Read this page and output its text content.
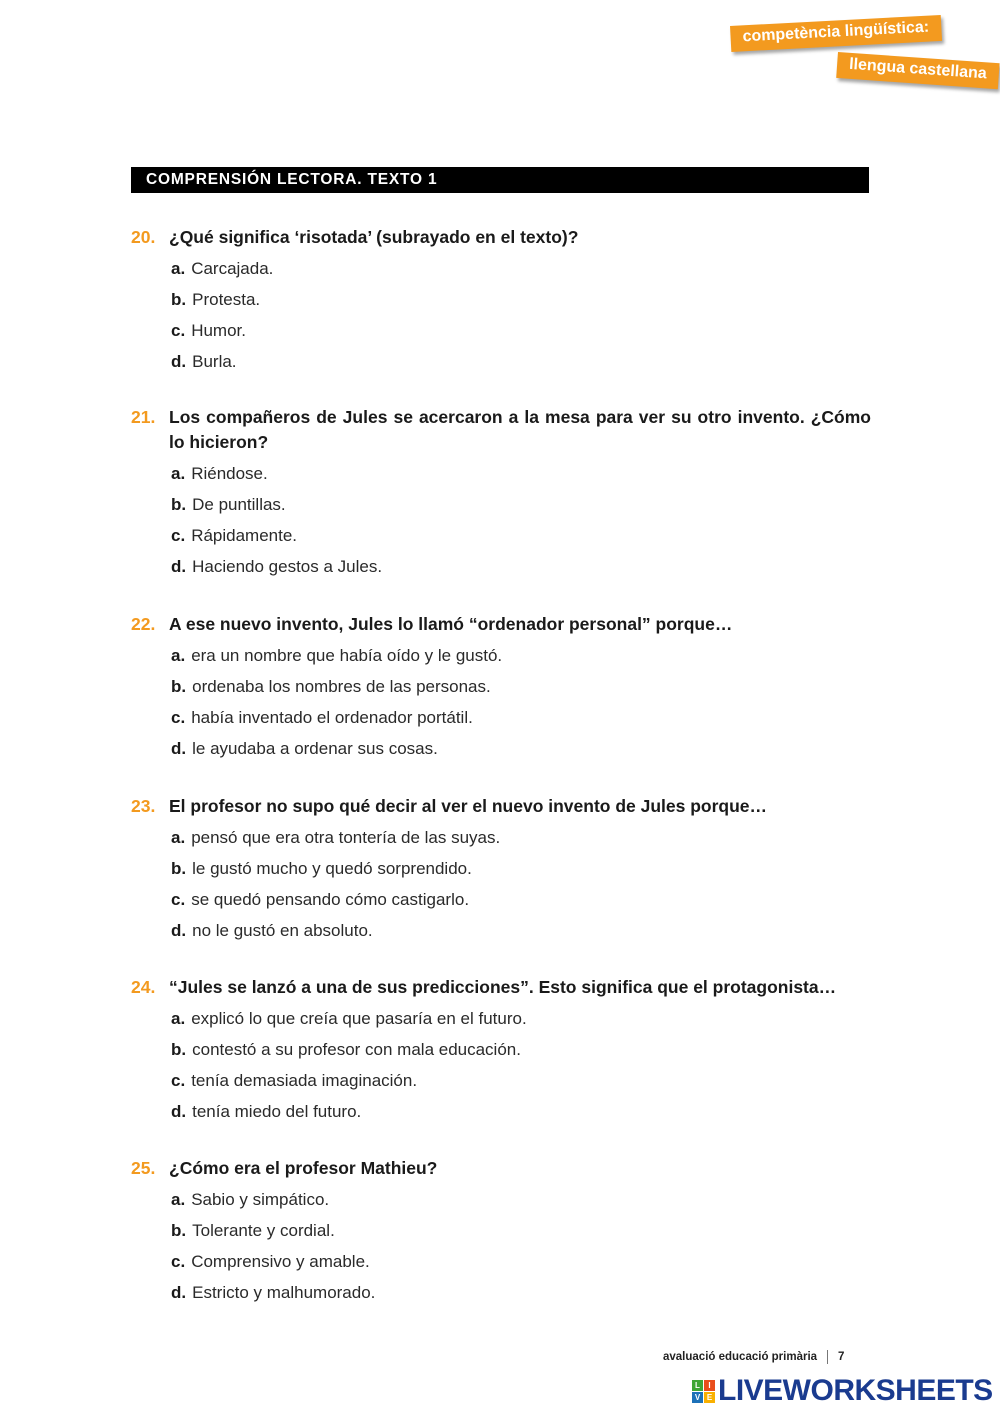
competència lingüística:
llengua castellana
COMPRENSIÓN LECTORA. TEXTO 1
20. ¿Qué significa ‘risotada’ (subrayado en el texto)?
a. Carcajada.
b. Protesta.
c. Humor.
d. Burla.
21. Los compañeros de Jules se acercaron a la mesa para ver su otro invento. ¿Cómo lo hicieron?
a. Riéndose.
b. De puntillas.
c. Rápidamente.
d. Haciendo gestos a Jules.
22. A ese nuevo invento, Jules lo llamó “ordenador personal” porque…
a. era un nombre que había oído y le gustó.
b. ordenaba los nombres de las personas.
c. había inventado el ordenador portátil.
d. le ayudaba a ordenar sus cosas.
23. El profesor no supo qué decir al ver el nuevo invento de Jules porque…
a. pensó que era otra tontería de las suyas.
b. le gustó mucho y quedó sorprendido.
c. se quedó pensando cómo castigarlo.
d. no le gustó en absoluto.
24. “Jules se lanzó a una de sus predicciones”. Esto significa que el protagonista…
a. explicó lo que creía que pasaría en el futuro.
b. contestó a su profesor con mala educación.
c. tenía demasiada imaginación.
d. tenía miedo del futuro.
25. ¿Cómo era el profesor Mathieu?
a. Sabio y simpático.
b. Tolerante y cordial.
c. Comprensivo y amable.
d. Estricto y malhumorado.
avaluació educació primària 7
L	I
V E LIVEWORKSHEETS
